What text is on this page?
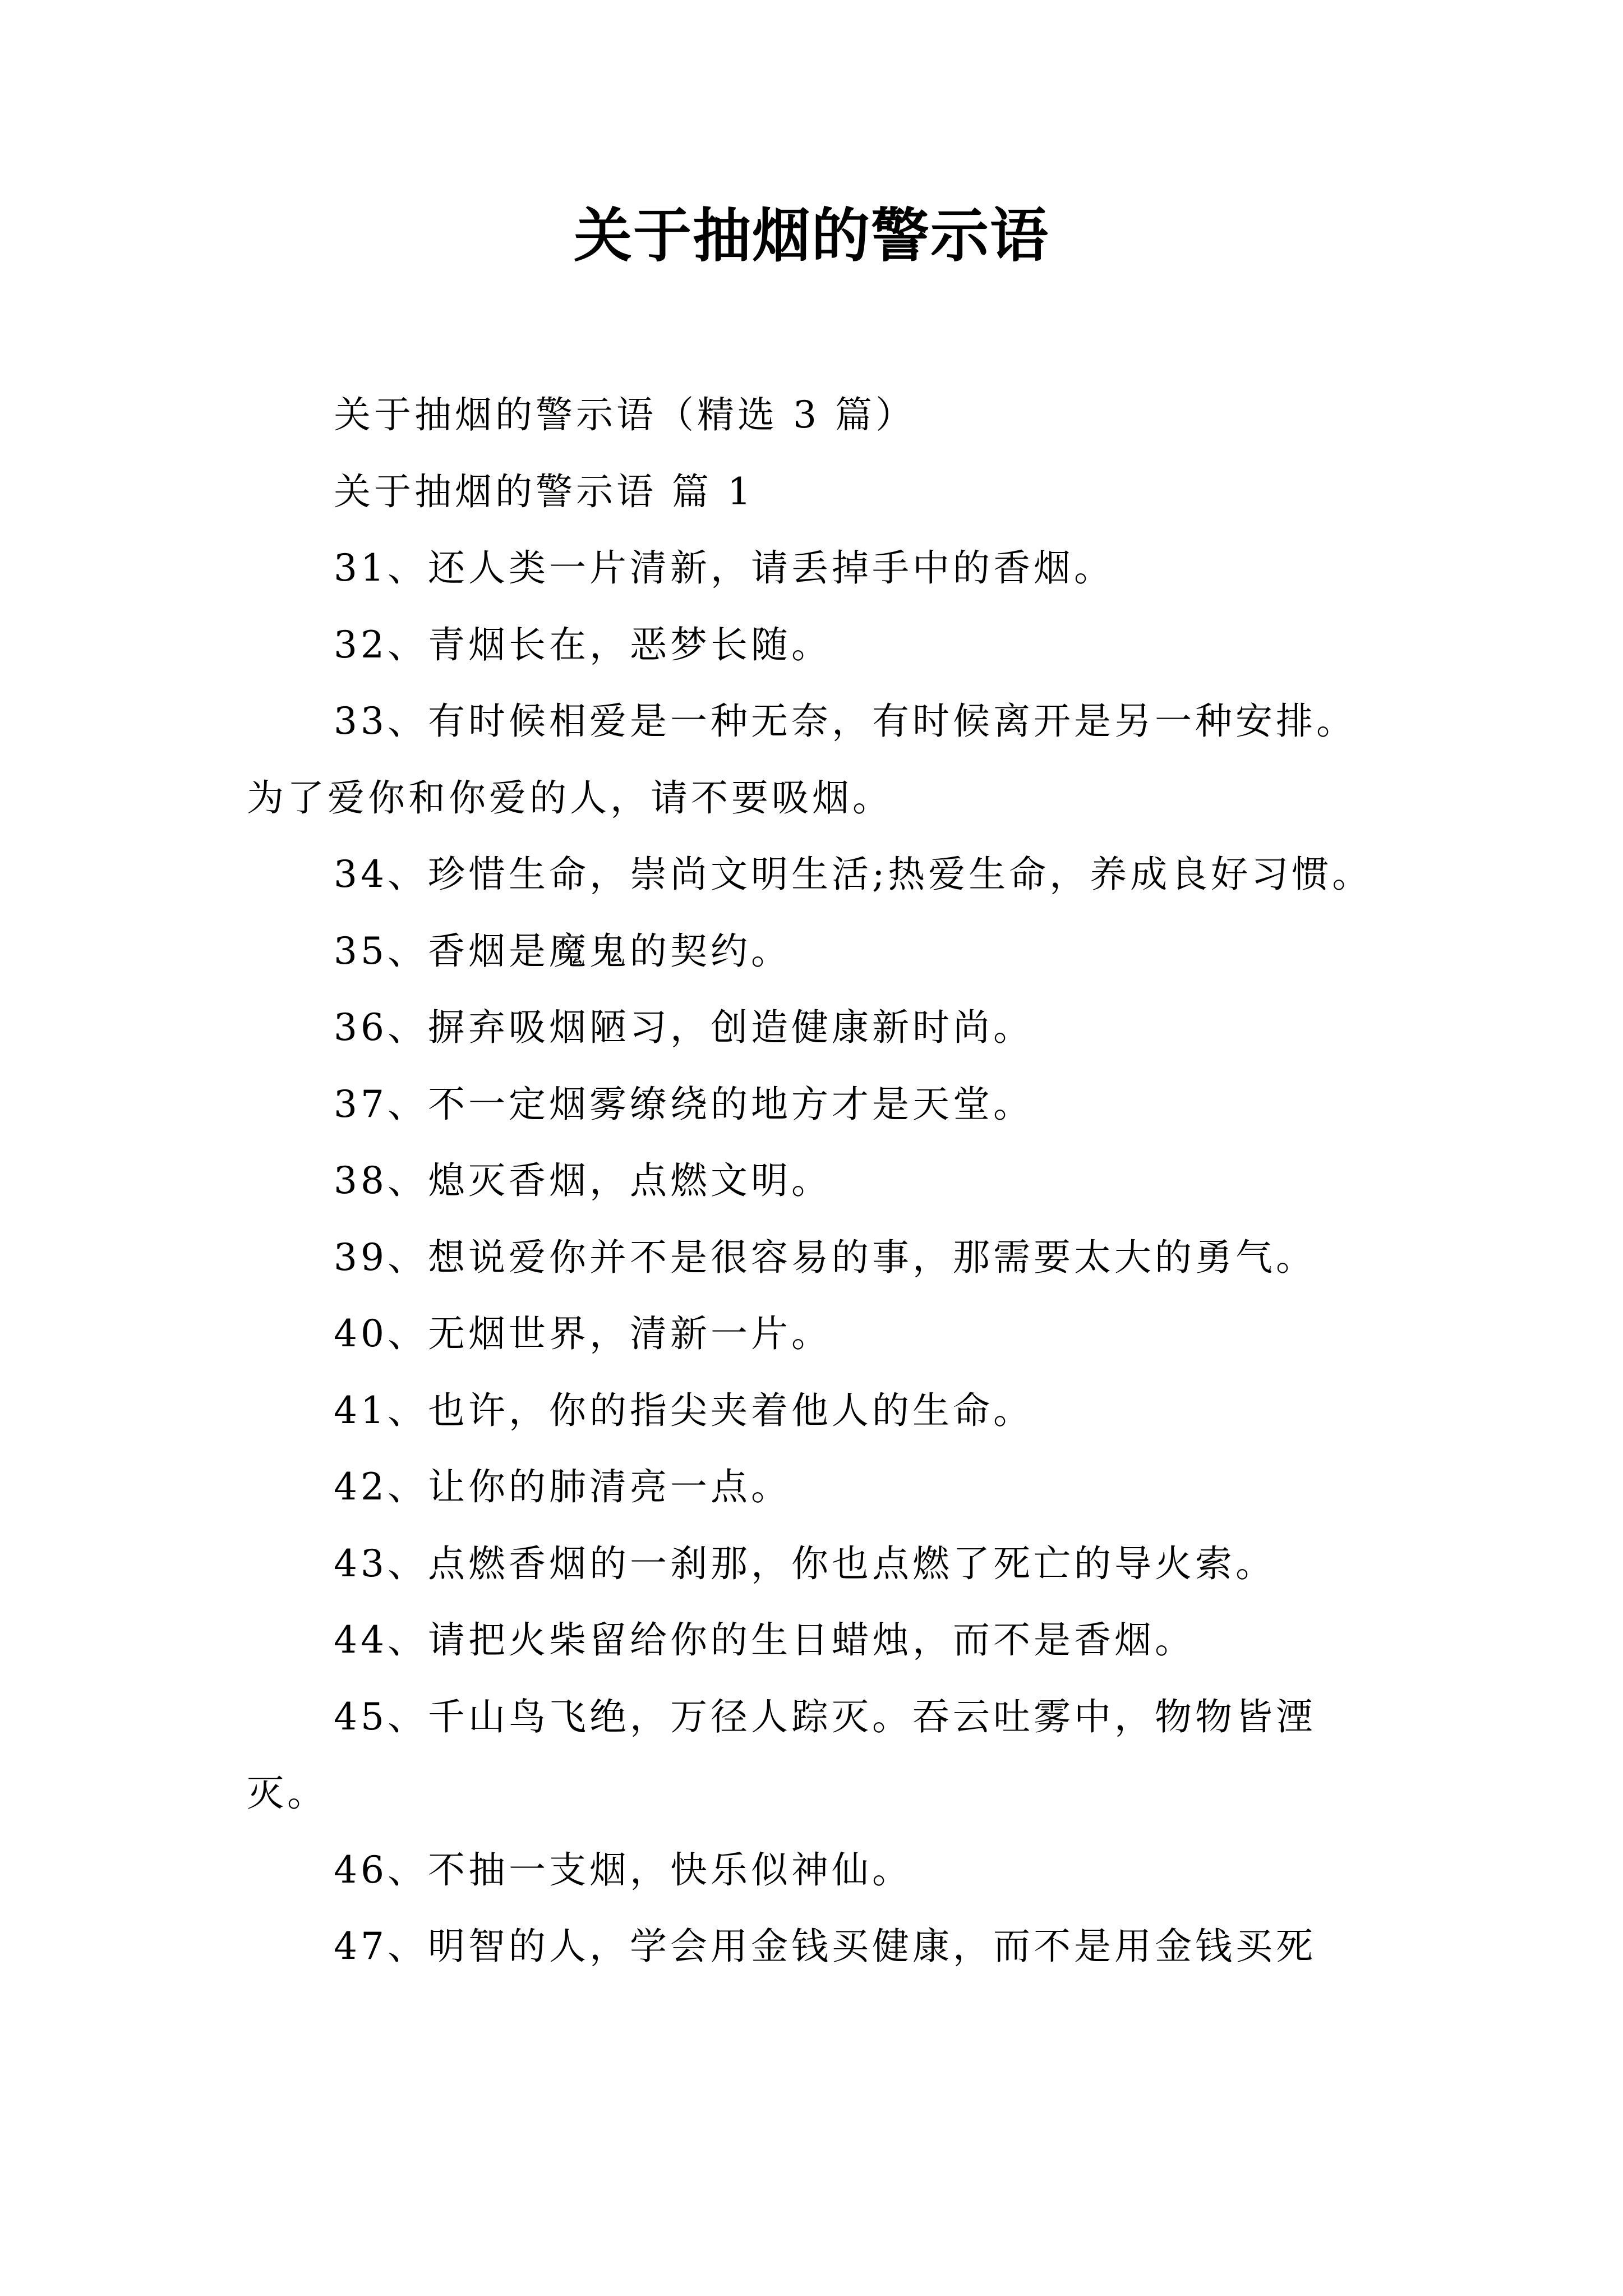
关于抽烟的警示语

关于抽烟的警示语（精选 3 篇）

关于抽烟的警示语 篇 1

31、还人类一片清新，请丢掉手中的香烟。

32、青烟长在，恶梦长随。

33、有时候相爱是一种无奈，有时候离开是另一种安排。为了爱你和你爱的人，请不要吸烟。

34、珍惜生命，崇尚文明生活;热爱生命，养成良好习惯。

35、香烟是魔鬼的契约。

36、摒弃吸烟陋习，创造健康新时尚。

37、不一定烟雾缭绕的地方才是天堂。

38、熄灭香烟，点燃文明。

39、想说爱你并不是很容易的事，那需要太大的勇气。

40、无烟世界，清新一片。

41、也许，你的指尖夹着他人的生命。

42、让你的肺清亮一点。

43、点燃香烟的一刹那，你也点燃了死亡的导火索。

44、请把火柴留给你的生日蜡烛，而不是香烟。

45、千山鸟飞绝，万径人踪灭。吞云吐雾中，物物皆湮灭。

46、不抽一支烟，快乐似神仙。

47、明智的人，学会用金钱买健康，而不是用金钱买死
